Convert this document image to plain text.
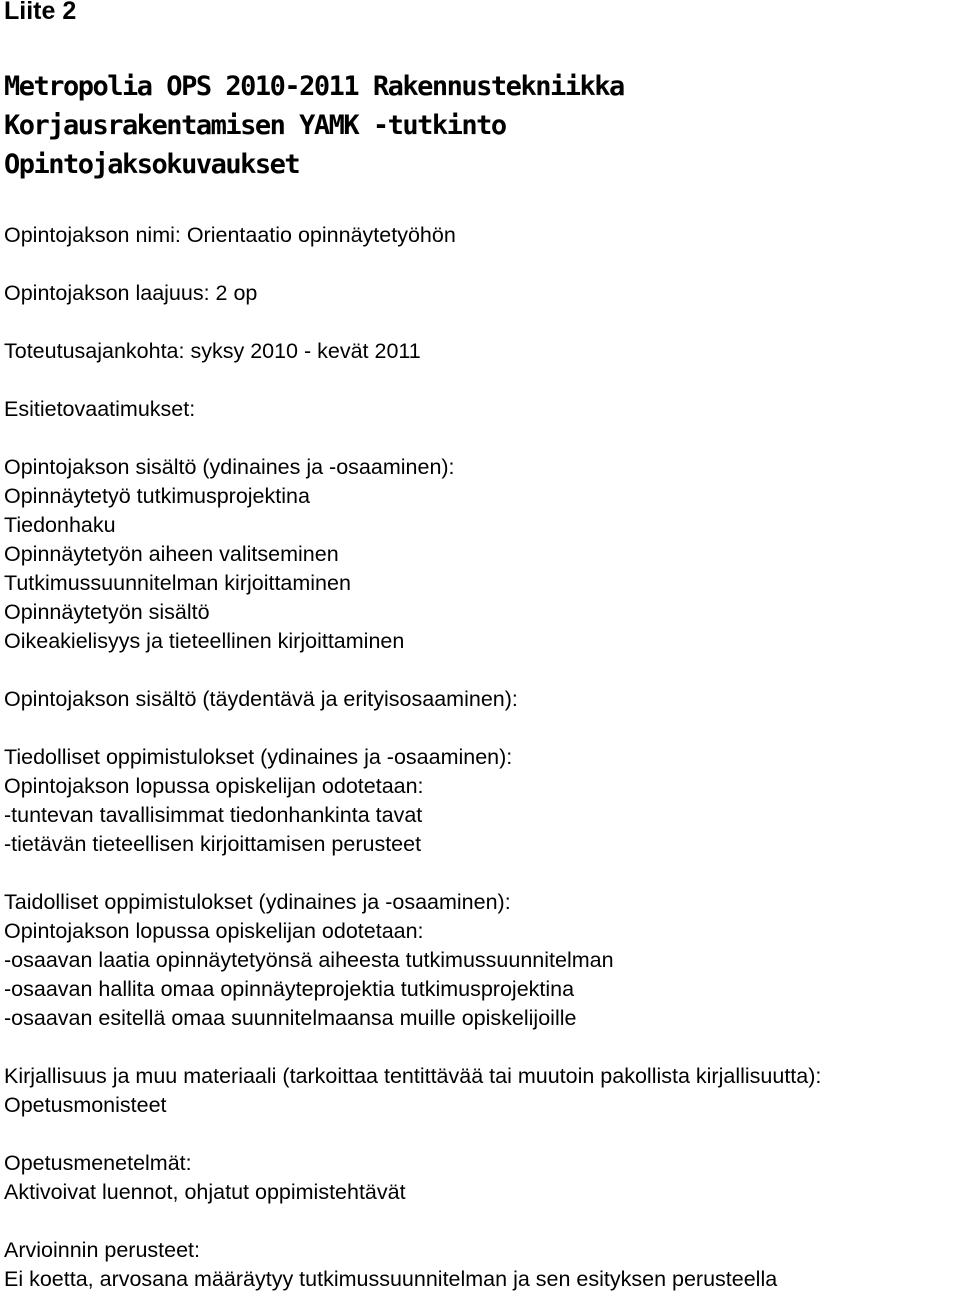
Liite 2
Metropolia OPS 2010-2011 Rakennustekniikka
Korjausrakentamisen YAMK -tutkinto
Opintojaksokuvaukset
Opintojakson nimi: Orientaatio opinnäytetyöhön
Opintojakson laajuus: 2 op
Toteutusajankohta: syksy 2010 - kevät 2011
Esitietovaatimukset:
Opintojakson sisältö (ydinaines ja -osaaminen):
Opinnäytetyö tutkimusprojektina
Tiedonhaku
Opinnäytetyön aiheen valitseminen
Tutkimussuunnitelman kirjoittaminen
Opinnäytetyön sisältö
Oikeakielisyys ja tieteellinen kirjoittaminen
Opintojakson sisältö (täydentävä ja erityisosaaminen):
Tiedolliset oppimistulokset (ydinaines ja -osaaminen):
Opintojakson lopussa opiskelijan odotetaan:
-tuntevan tavallisimmat tiedonhankinta tavat
-tietävän tieteellisen kirjoittamisen perusteet
Taidolliset oppimistulokset (ydinaines ja -osaaminen):
Opintojakson lopussa opiskelijan odotetaan:
-osaavan laatia opinnäytetyönsä aiheesta tutkimussuunnitelman
-osaavan hallita omaa opinnäyteprojektia tutkimusprojektina
-osaavan esitellä omaa suunnitelmaansa muille opiskelijoille
Kirjallisuus ja muu materiaali (tarkoittaa tentittävää tai muutoin pakollista kirjallisuutta):
Opetusmonisteet
Opetusmenetelmät:
Aktivoivat luennot, ohjatut oppimistehtävät
Arvioinnin perusteet:
Ei koetta, arvosana määräytyy tutkimussuunnitelman ja sen esityksen perusteella
